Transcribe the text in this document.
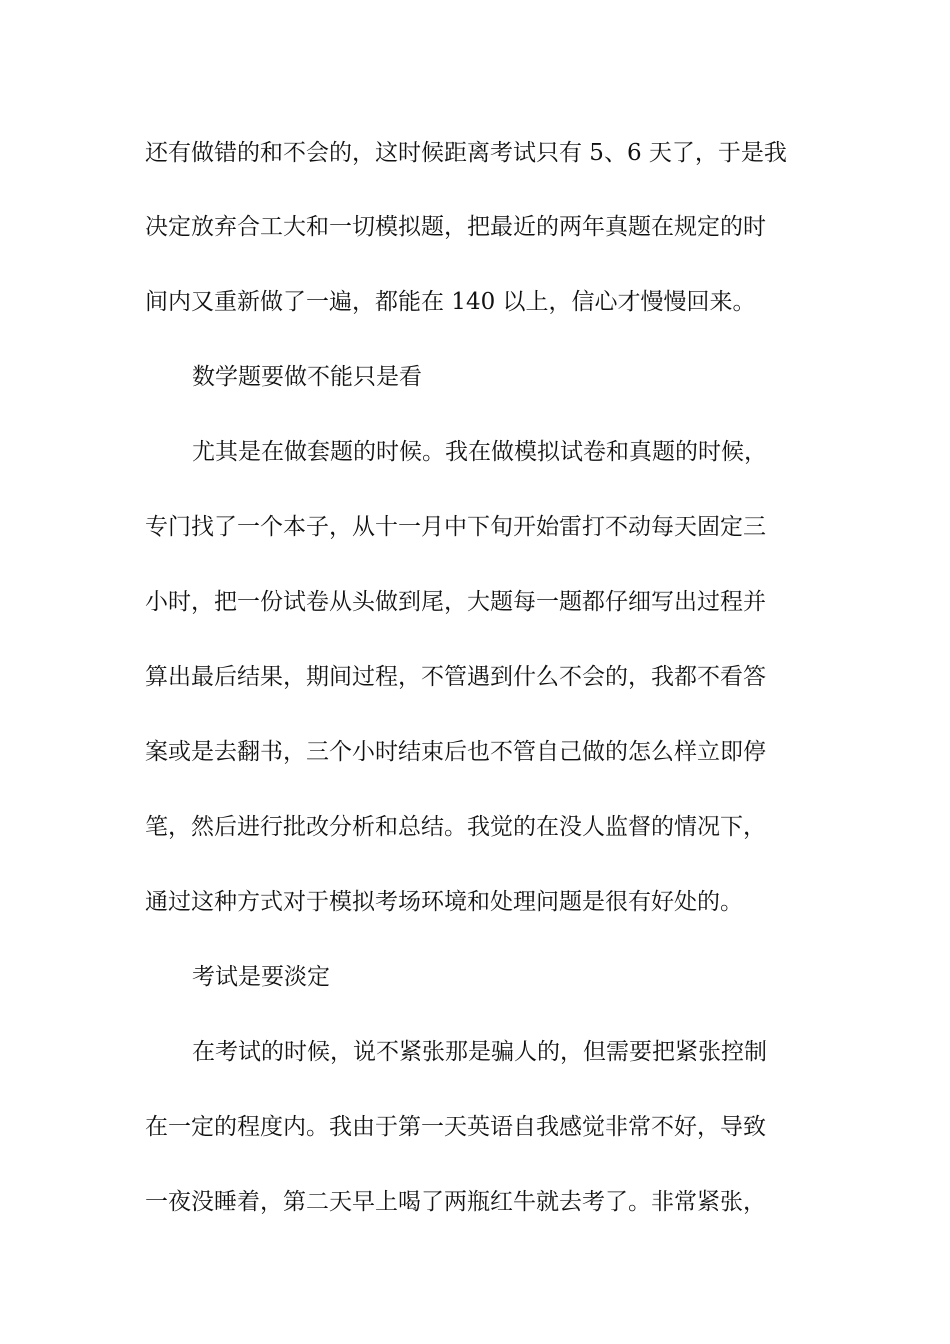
还有做错的和不会的，这时候距离考试只有 5、6 天了，于是我

决定放弃合工大和一切模拟题，把最近的两年真题在规定的时

间内又重新做了一遍，都能在 140 以上，信心才慢慢回来。

数学题要做不能只是看

尤其是在做套题的时候。我在做模拟试卷和真题的时候，

专门找了一个本子，从十一月中下旬开始雷打不动每天固定三

小时，把一份试卷从头做到尾，大题每一题都仔细写出过程并

算出最后结果，期间过程，不管遇到什么不会的，我都不看答

案或是去翻书，三个小时结束后也不管自己做的怎么样立即停

笔，然后进行批改分析和总结。我觉的在没人监督的情况下，

通过这种方式对于模拟考场环境和处理问题是很有好处的。

考试是要淡定

在考试的时候，说不紧张那是骗人的，但需要把紧张控制

在一定的程度内。我由于第一天英语自我感觉非常不好，导致

一夜没睡着，第二天早上喝了两瓶红牛就去考了。非常紧张，
